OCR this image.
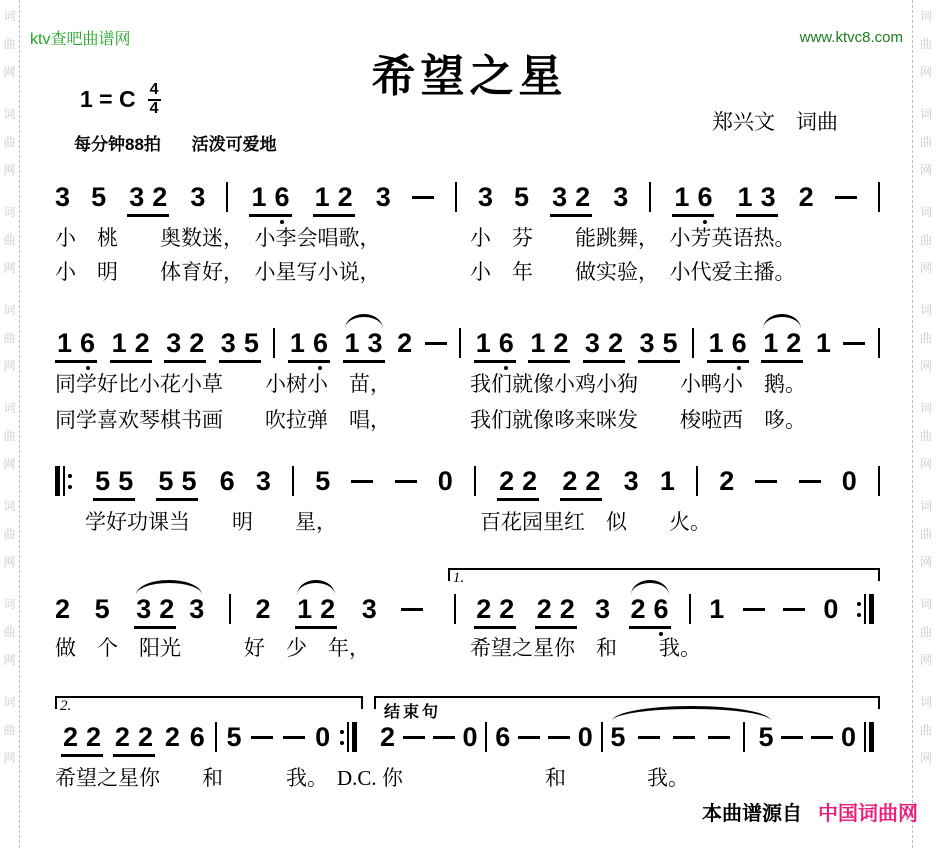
词
曲
网
词
曲
网
词
曲
网
词
曲
网
词
曲
网
词
曲
网
词
曲
网
词
曲
网
词
曲
网
词
曲
网
词
曲
网
词
曲
网
词
曲
网
词
曲
网
词
曲
网
词
曲
网
ktv查吧曲谱网	www.ktvc8.com
希望之星
郑兴文　词曲
1 = C $\frac{4}{4}$
每分钟88拍 活泼可爱地
3 5 3 2 3 1 6 1 2 3	3 5 3 2 3 1 6 1 3 2
小　桃　　奥数迷，　小李会唱歌，	小　芬　　能跳舞，　小芳英语热。
小　明　　体育好，　小星写小说，	小　年　　做实验，　小代爱主播。
1 6 1 2 3 2 3 5 1 6 1 3 2 1 6 1 2 3 2 3 5 1 6 1 2 1
同学好比小花小草　　小树小　苗，	我们就像小鸡小狗　　小鸭小　鹅。
同学喜欢琴棋书画　　吹拉弹　唱，	我们就像哆来咪发　　梭啦西　哆。
5 5 5 5 6 3 5	0 2 2 2 2 3 1 2	0
学好功课当　　明　　星，	百花园里红　似　　火。
2 5 3 2 3 2 1 2 3
1.
2 2 2 2 3 2 6 1	0
做　个　阳光　　　好　少　年，	希望之星你　和　　我。
2.
2 2 2 2 2 6 5	0
结束句
2 0 6 0 5	5 0
希望之星你　　和　　　我。 D.C. 你	和	我。
本曲谱源自 中国词曲网
